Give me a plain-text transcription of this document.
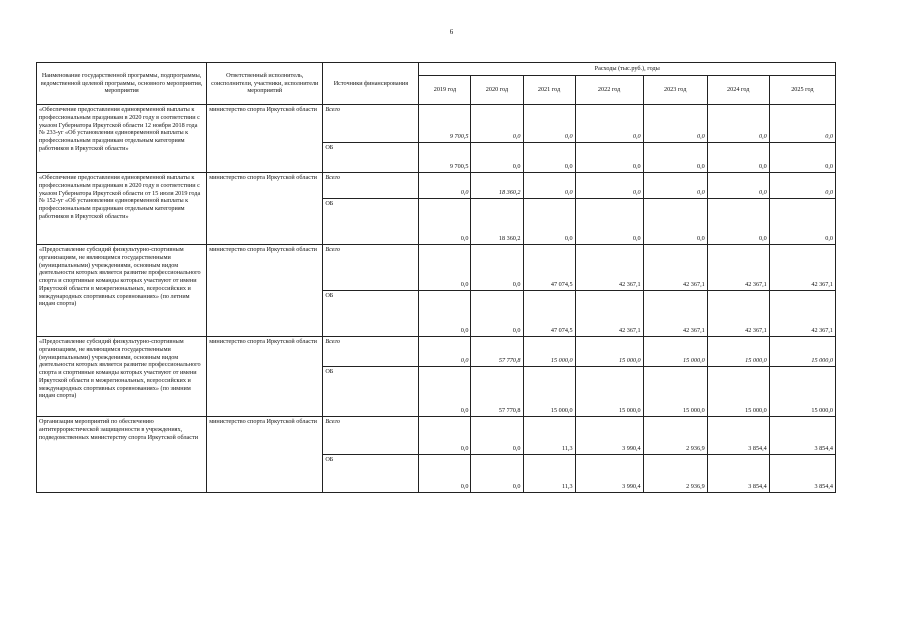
6
Наименование государственной программы, подпрограммы, ведомственной целевой программы, основного мероприятия, мероприятия	Ответственный исполнитель, соисполнители, участники, исполнители мероприятий	Источники финансирования	Расходы (тыс.руб.), годы						
			2019 год	2020 год	2021 год	2022 год	2023 год	2024 год	2025 год
«Обеспечение предоставления единовременной выплаты к профессиональным праздникам в 2020 году в соответствии с указом Губернатора Иркутской области 12 ноября 2018 года № 233-уг «Об установлении единовременной выплаты к профессиональным праздникам отдельным категориям работников в Иркутской области»	министерство спорта Иркутской области	Всего	9 700,5	0,0	0,0	0,0	0,0	0,0	0,0
		ОБ	9 700,5	0,0	0,0	0,0	0,0	0,0	0,0
«Обеспечение предоставления единовременной выплаты к профессиональным праздникам в 2020 году в соответствии с указом Губернатора Иркутской области от 15 июля 2019 года № 152-уг «Об установлении единовременной выплаты к профессиональным праздникам отдельным категориям работников в Иркутской области»	министерство спорта Иркутской области	Всего	0,0	18 360,2	0,0	0,0	0,0	0,0	0,0
		ОБ	0,0	18 360,2	0,0	0,0	0,0	0,0	0,0
«Предоставление субсидий физкультурно-спортивным организациям, не являющимся государственными (муниципальными) учреждениями, основным видом деятельности которых является развитие профессионального спорта и спортивные команды которых участвуют от имени Иркутской области в межрегиональных, всероссийских и международных спортивных соревнованиях» (по летним видам спорта)	министерство спорта Иркутской области	Всего	0,0	0,0	47 074,5	42 367,1	42 367,1	42 367,1	42 367,1
		ОБ	0,0	0,0	47 074,5	42 367,1	42 367,1	42 367,1	42 367,1
«Предоставление субсидий физкультурно-спортивным организациям, не являющимся государственными (муниципальными) учреждениями, основным видом деятельности которых является развитие профессионального спорта и спортивные команды которых участвуют от имени Иркутской области в межрегиональных, всероссийских и международных спортивных соревнованиях» (по зимним видам спорта)	министерство спорта Иркутской области	Всего	0,0	57 770,8	15 000,0	15 000,0	15 000,0	15 000,0	15 000,0
		ОБ	0,0	57 770,8	15 000,0	15 000,0	15 000,0	15 000,0	15 000,0
Организация мероприятий по обеспечению антитеррористической защищенности в учреждениях, подведомственных министерству спорта Иркутской области	министерство спорта Иркутской области	Всего	0,0	0,0	11,3	3 990,4	2 936,9	3 854,4	3 854,4
		ОБ	0,0	0,0	11,3	3 990,4	2 936,9	3 854,4	3 854,4
